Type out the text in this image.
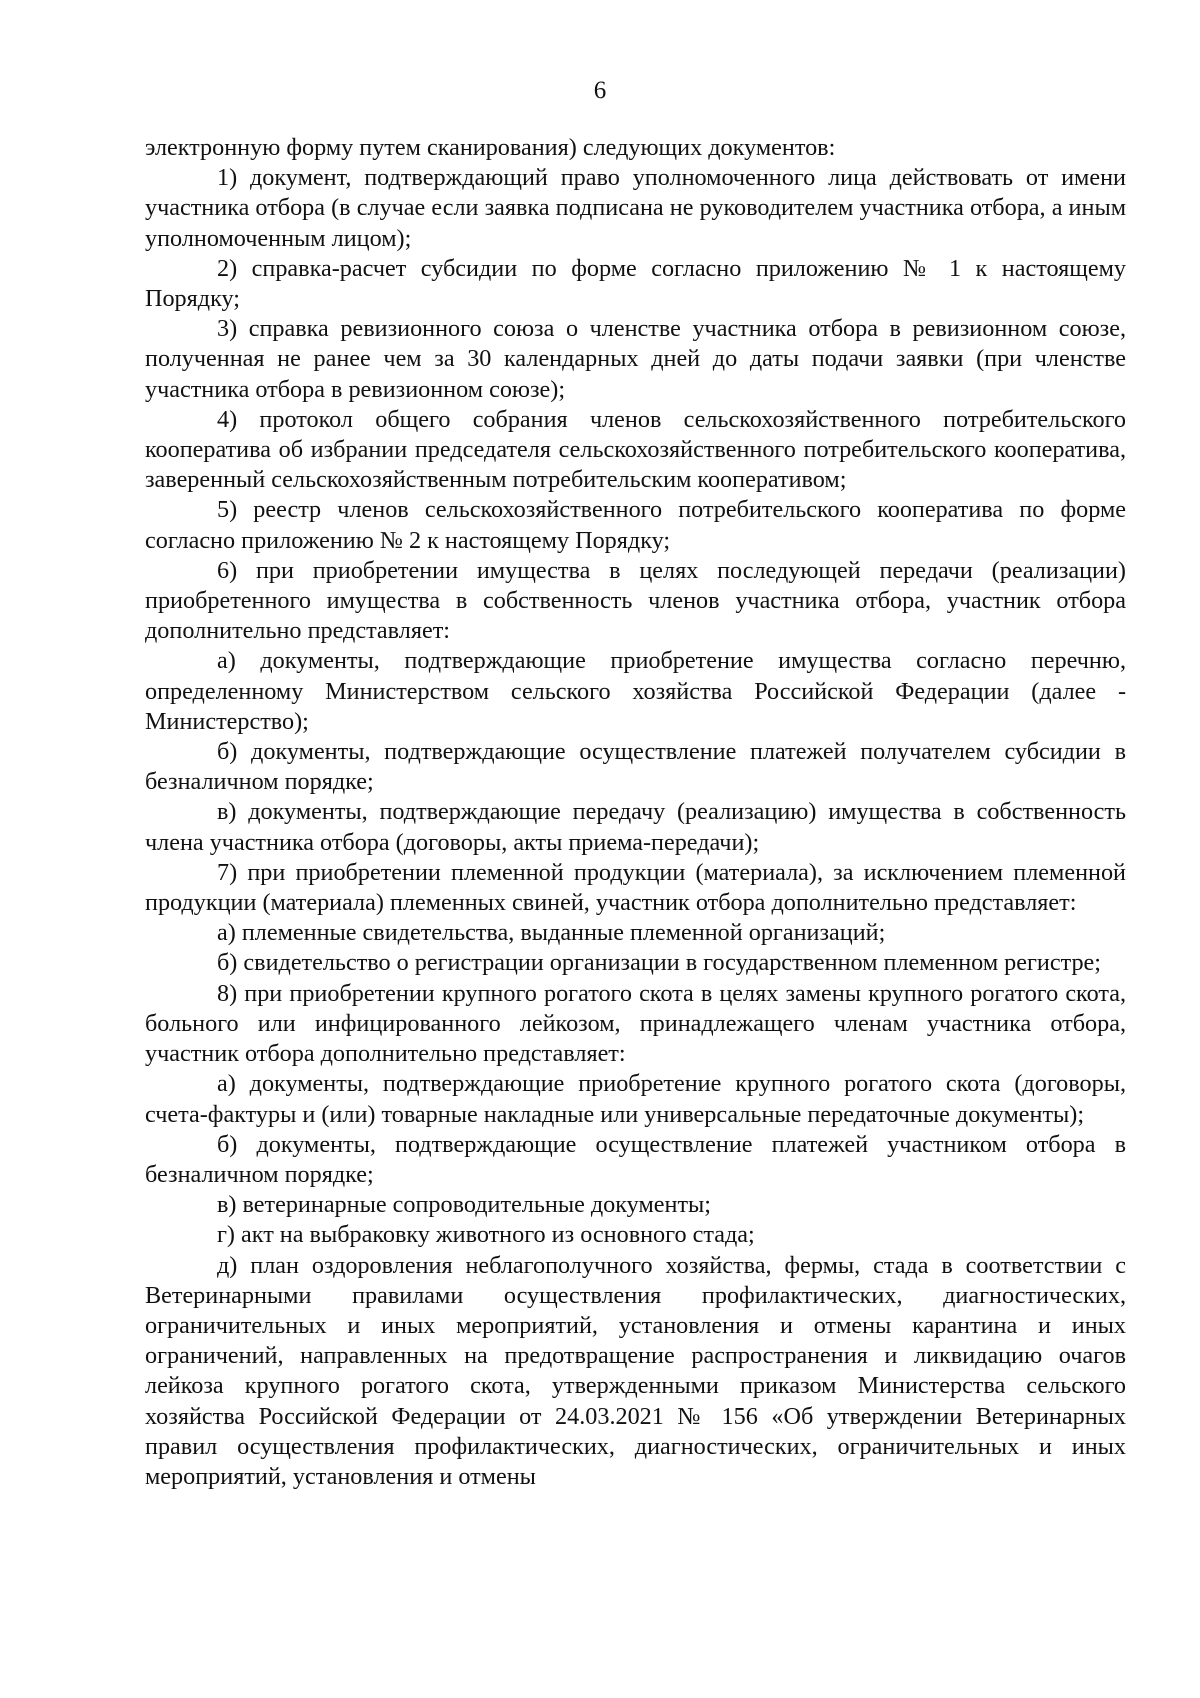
6

электронную форму путем сканирования) следующих документов:

1) документ, подтверждающий право уполномоченного лица действовать от имени участника отбора (в случае если заявка подписана не руководителем участника отбора, а иным уполномоченным лицом);

2) справка-расчет субсидии по форме согласно приложению № 1 к настоящему Порядку;

3) справка ревизионного союза о членстве участника отбора в ревизионном союзе, полученная не ранее чем за 30 календарных дней до даты подачи заявки (при членстве участника отбора в ревизионном союзе);

4) протокол общего собрания членов сельскохозяйственного потребительского кооператива об избрании председателя сельскохозяйственного потребительского кооператива, заверенный сельскохозяйственным потребительским кооперативом;

5) реестр членов сельскохозяйственного потребительского кооператива по форме согласно приложению № 2 к настоящему Порядку;

6) при приобретении имущества в целях последующей передачи (реализации) приобретенного имущества в собственность членов участника отбора, участник отбора дополнительно представляет:

а) документы, подтверждающие приобретение имущества согласно перечню, определенному Министерством сельского хозяйства Российской Федерации (далее - Министерство);

б) документы, подтверждающие осуществление платежей получателем субсидии в безналичном порядке;

в) документы, подтверждающие передачу (реализацию) имущества в собственность члена участника отбора (договоры, акты приема-передачи);

7) при приобретении племенной продукции (материала), за исключением племенной продукции (материала) племенных свиней, участник отбора дополнительно представляет:

а) племенные свидетельства, выданные племенной организаций;

б) свидетельство о регистрации организации в государственном племенном регистре;

8) при приобретении крупного рогатого скота в целях замены крупного рогатого скота, больного или инфицированного лейкозом, принадлежащего членам участника отбора, участник отбора дополнительно представляет:

а) документы, подтверждающие приобретение крупного рогатого скота (договоры, счета-фактуры и (или) товарные накладные или универсальные передаточные документы);

б) документы, подтверждающие осуществление платежей участником отбора в безналичном порядке;

в) ветеринарные сопроводительные документы;

г) акт на выбраковку животного из основного стада;

д) план оздоровления неблагополучного хозяйства, фермы, стада в соответствии с Ветеринарными правилами осуществления профилактических, диагностических, ограничительных и иных мероприятий, установления и отмены карантина и иных ограничений, направленных на предотвращение распространения и ликвидацию очагов лейкоза крупного рогатого скота, утвержденными приказом Министерства сельского хозяйства Российской Федерации от 24.03.2021 № 156 «Об утверждении Ветеринарных правил осуществления профилактических, диагностических, ограничительных и иных мероприятий, установления и отмены
